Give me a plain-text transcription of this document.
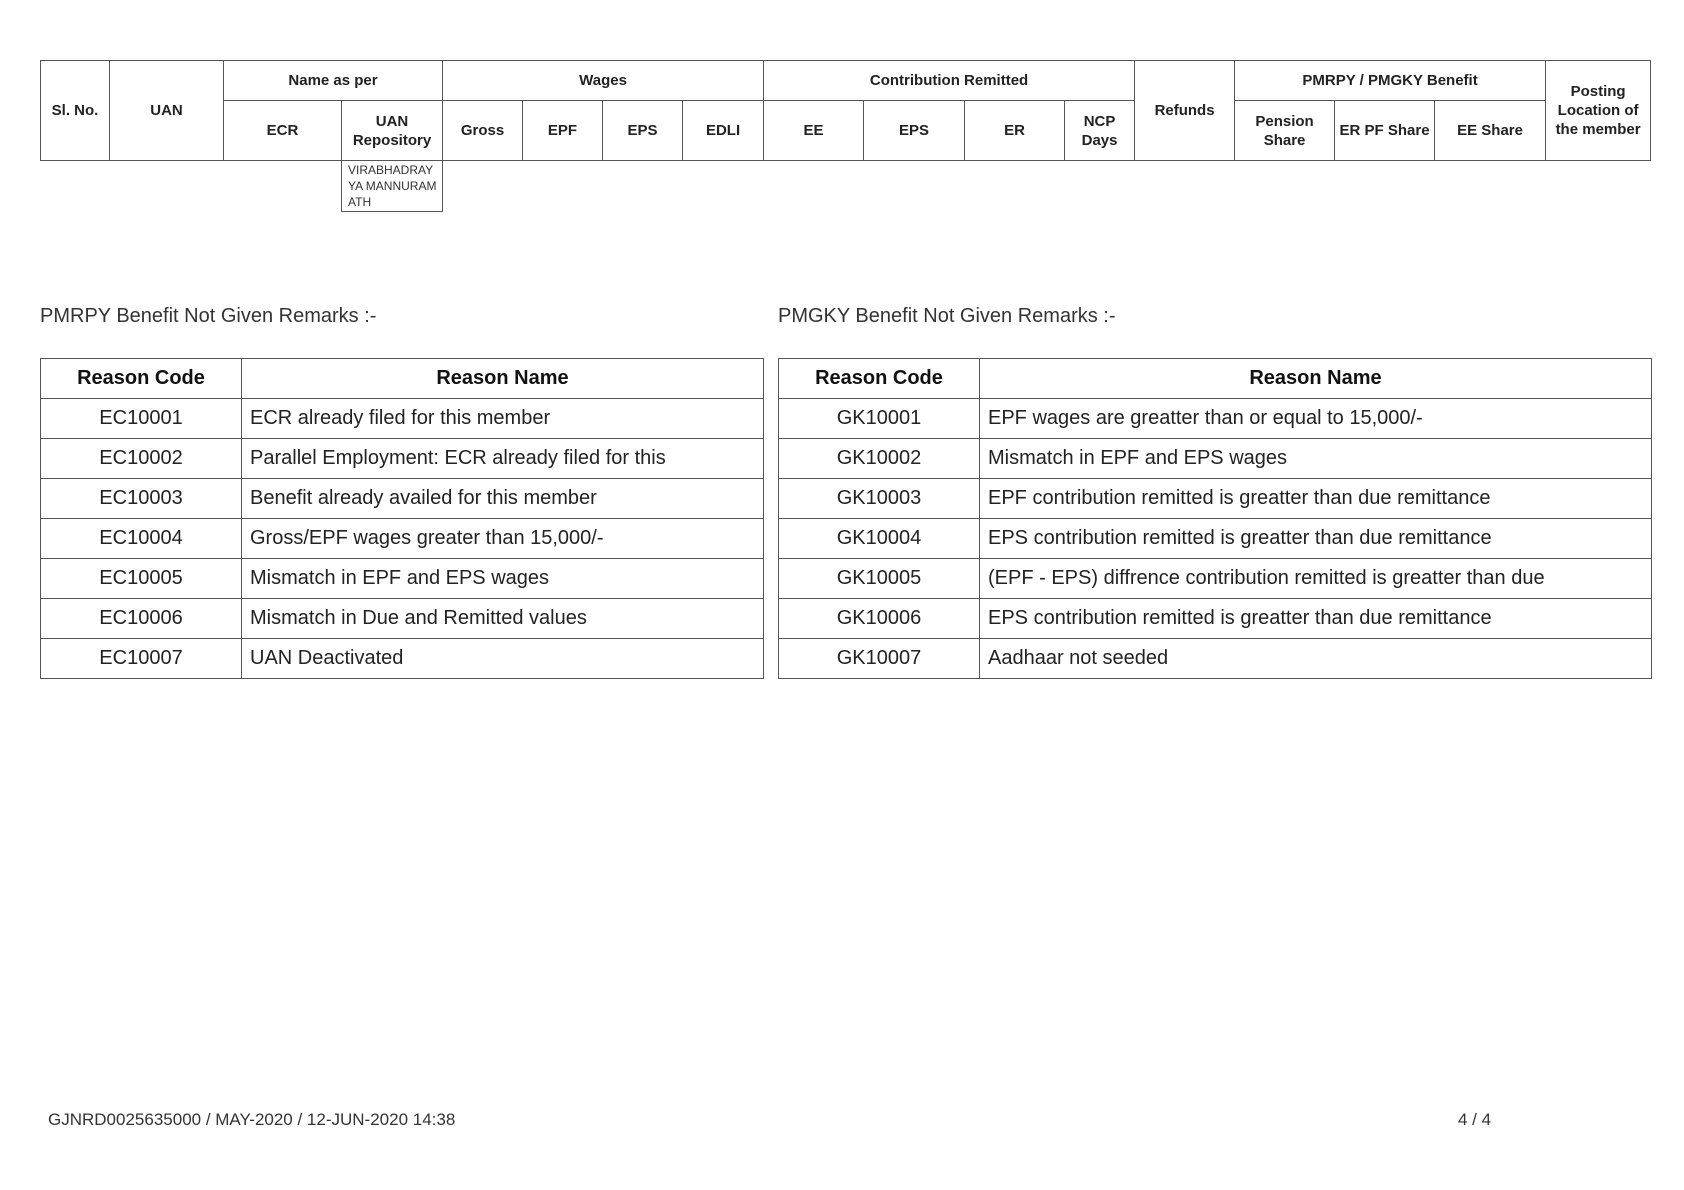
Sl. No.	UAN	Name as per		Wages				Contribution Remitted				Refunds	PMRPY / PMGKY Benefit			Posting Location of the member
		ECR	UAN Repository	Gross	EPF	EPS	EDLI	EE	EPS	ER	NCP Days		Pension Share	ER PF Share	EE Share	
			VIRABHADRAYYA MANNURAMATH													

PMRPY Benefit Not Given Remarks :-

Reason Code	Reason Name
EC10001	ECR already filed for this member
EC10002	Parallel Employment: ECR already filed for this
EC10003	Benefit already availed for this member
EC10004	Gross/EPF wages greater than 15,000/-
EC10005	Mismatch in EPF and EPS wages
EC10006	Mismatch in Due and Remitted values
EC10007	UAN Deactivated

PMGKY Benefit Not Given Remarks :-

Reason Code	Reason Name
GK10001	EPF wages are greatter than or equal to 15,000/-
GK10002	Mismatch in EPF and EPS wages
GK10003	EPF contribution remitted is greatter than due remittance
GK10004	EPS contribution remitted is greatter than due remittance
GK10005	(EPF - EPS) diffrence contribution remitted is greatter than due
GK10006	EPS contribution remitted is greatter than due remittance
GK10007	Aadhaar not seeded

GJNRD0025635000 / MAY-2020 / 12-JUN-2020 14:38	4 / 4
